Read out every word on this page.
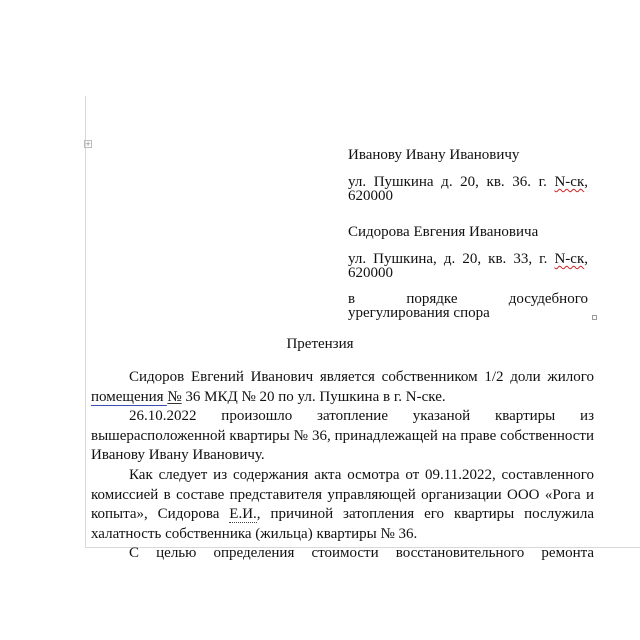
+
Иванову Ивану Ивановичу
ул. Пушкина д. 20, кв. 36. г. N-ск,
620000
Сидорова Евгения Ивановича
ул. Пушкина, д. 20, кв. 33, г. N-ск,
620000
в порядке досудебного
урегулирования спора
Претензия
Сидоров Евгений Иванович является собственником 1/2 доли жилого
помещения № 36 МКД № 20 по ул. Пушкина в г. N-ске.
26.10.2022 произошло затопление указаной квартиры из
вышерасположенной квартиры № 36, принадлежащей на праве собственности
Иванову Ивану Ивановичу.
Как следует из содержания акта осмотра от 09.11.2022, составленного
комиссией в составе представителя управляющей организации ООО «Рога и
копыта», Сидорова Е.И., причиной затопления его квартиры послужила
халатность собственника (жильца) квартиры № 36.
С целью определения стоимости восстановительного ремонта
